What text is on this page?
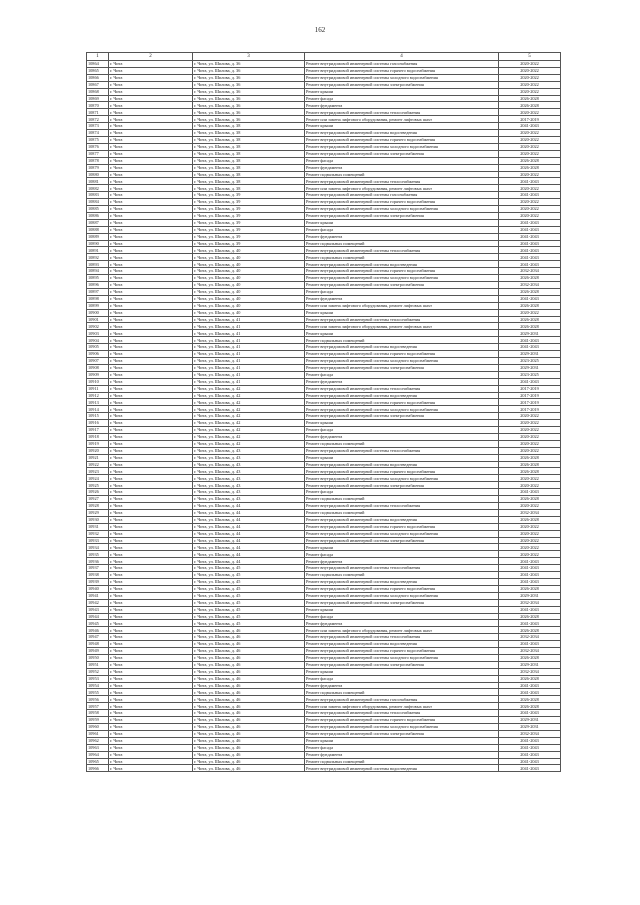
162
1	2	3	4	5
10864	г. Чита	г. Чита, ул. Шилова, д. 36	Ремонт внутридомовой инженерной системы газоснабжения	2020-2022
10865	г. Чита	г. Чита, ул. Шилова, д. 36	Ремонт внутридомовой инженерной системы горячего водоснабжения	2020-2022
10866	г. Чита	г. Чита, ул. Шилова, д. 36	Ремонт внутридомовой инженерной системы холодного водоснабжения	2020-2022
10867	г. Чита	г. Чита, ул. Шилова, д. 36	Ремонт внутридомовой инженерной системы электроснабжения	2020-2022
10868	г. Чита	г. Чита, ул. Шилова, д. 36	Ремонт крыши	2020-2022
10869	г. Чита	г. Чита, ул. Шилова, д. 36	Ремонт фасада	2026-2028
10870	г. Чита	г. Чита, ул. Шилова, д. 36	Ремонт фундамента	2026-2028
10871	г. Чита	г. Чита, ул. Шилова, д. 36	Ремонт внутридомовой инженерной системы теплоснабжения	2020-2022
10872	г. Чита	г. Чита, ул. Шилова, д. 36	Ремонт или замена лифтового оборудования, ремонт лифтовых шахт	2017-2019
10873	г. Чита	г. Чита, ул. Шилова, д. 38	Ремонт крыши	2041-2043
10874	г. Чита	г. Чита, ул. Шилова, д. 38	Ремонт внутридомовой инженерной системы водоотведения	2020-2022
10875	г. Чита	г. Чита, ул. Шилова, д. 38	Ремонт внутридомовой инженерной системы горячего водоснабжения	2020-2022
10876	г. Чита	г. Чита, ул. Шилова, д. 38	Ремонт внутридомовой инженерной системы холодного водоснабжения	2020-2022
10877	г. Чита	г. Чита, ул. Шилова, д. 38	Ремонт внутридомовой инженерной системы электроснабжения	2020-2022
10878	г. Чита	г. Чита, ул. Шилова, д. 38	Ремонт фасада	2026-2028
10879	г. Чита	г. Чита, ул. Шилова, д. 38	Ремонт фундамента	2026-2028
10880	г. Чита	г. Чита, ул. Шилова, д. 38	Ремонт подвальных помещений	2020-2022
10881	г. Чита	г. Чита, ул. Шилова, д. 38	Ремонт внутридомовой инженерной системы теплоснабжения	2041-2043
10882	г. Чита	г. Чита, ул. Шилова, д. 38	Ремонт или замена лифтового оборудования, ремонт лифтовых шахт	2020-2022
10883	г. Чита	г. Чита, ул. Шилова, д. 39	Ремонт внутридомовой инженерной системы газоснабжения	2041-2043
10884	г. Чита	г. Чита, ул. Шилова, д. 39	Ремонт внутридомовой инженерной системы горячего водоснабжения	2020-2022
10885	г. Чита	г. Чита, ул. Шилова, д. 39	Ремонт внутридомовой инженерной системы холодного водоснабжения	2020-2022
10886	г. Чита	г. Чита, ул. Шилова, д. 39	Ремонт внутридомовой инженерной системы электроснабжения	2020-2022
10887	г. Чита	г. Чита, ул. Шилова, д. 39	Ремонт крыши	2041-2043
10888	г. Чита	г. Чита, ул. Шилова, д. 39	Ремонт фасада	2041-2043
10889	г. Чита	г. Чита, ул. Шилова, д. 39	Ремонт фундамента	2041-2043
10890	г. Чита	г. Чита, ул. Шилова, д. 39	Ремонт подвальных помещений	2041-2043
10891	г. Чита	г. Чита, ул. Шилова, д. 40	Ремонт внутридомовой инженерной системы теплоснабжения	2041-2043
10892	г. Чита	г. Чита, ул. Шилова, д. 40	Ремонт подвальных помещений	2041-2043
10893	г. Чита	г. Чита, ул. Шилова, д. 40	Ремонт внутридомовой инженерной системы водоотведения	2041-2043
10894	г. Чита	г. Чита, ул. Шилова, д. 40	Ремонт внутридомовой инженерной системы горячего водоснабжения	2032-2034
10895	г. Чита	г. Чита, ул. Шилова, д. 40	Ремонт внутридомовой инженерной системы холодного водоснабжения	2026-2028
10896	г. Чита	г. Чита, ул. Шилова, д. 40	Ремонт внутридомовой инженерной системы электроснабжения	2032-2034
10897	г. Чита	г. Чита, ул. Шилова, д. 40	Ремонт фасада	2026-2028
10898	г. Чита	г. Чита, ул. Шилова, д. 40	Ремонт фундамента	2041-2043
10899	г. Чита	г. Чита, ул. Шилова, д. 40	Ремонт или замена лифтового оборудования, ремонт лифтовых шахт	2026-2028
10900	г. Чита	г. Чита, ул. Шилова, д. 40	Ремонт крыши	2020-2022
10901	г. Чита	г. Чита, ул. Шилова, д. 41	Ремонт внутридомовой инженерной системы теплоснабжения	2026-2028
10902	г. Чита	г. Чита, ул. Шилова, д. 41	Ремонт или замена лифтового оборудования, ремонт лифтовых шахт	2026-2028
10903	г. Чита	г. Чита, ул. Шилова, д. 41	Ремонт крыши	2029-2031
10904	г. Чита	г. Чита, ул. Шилова, д. 41	Ремонт подвальных помещений	2041-2043
10905	г. Чита	г. Чита, ул. Шилова, д. 41	Ремонт внутридомовой инженерной системы водоотведения	2041-2043
10906	г. Чита	г. Чита, ул. Шилова, д. 41	Ремонт внутридомовой инженерной системы горячего водоснабжения	2029-2031
10907	г. Чита	г. Чита, ул. Шилова, д. 41	Ремонт внутридомовой инженерной системы холодного водоснабжения	2023-2025
10908	г. Чита	г. Чита, ул. Шилова, д. 41	Ремонт внутридомовой инженерной системы электроснабжения	2029-2031
10909	г. Чита	г. Чита, ул. Шилова, д. 41	Ремонт фасада	2023-2025
10910	г. Чита	г. Чита, ул. Шилова, д. 41	Ремонт фундамента	2041-2043
10911	г. Чита	г. Чита, ул. Шилова, д. 42	Ремонт внутридомовой инженерной системы теплоснабжения	2017-2019
10912	г. Чита	г. Чита, ул. Шилова, д. 42	Ремонт внутридомовой инженерной системы водоотведения	2017-2019
10913	г. Чита	г. Чита, ул. Шилова, д. 42	Ремонт внутридомовой инженерной системы горячего водоснабжения	2017-2019
10914	г. Чита	г. Чита, ул. Шилова, д. 42	Ремонт внутридомовой инженерной системы холодного водоснабжения	2017-2019
10915	г. Чита	г. Чита, ул. Шилова, д. 42	Ремонт внутридомовой инженерной системы электроснабжения	2020-2022
10916	г. Чита	г. Чита, ул. Шилова, д. 42	Ремонт крыши	2020-2022
10917	г. Чита	г. Чита, ул. Шилова, д. 42	Ремонт фасада	2020-2022
10918	г. Чита	г. Чита, ул. Шилова, д. 42	Ремонт фундамента	2020-2022
10919	г. Чита	г. Чита, ул. Шилова, д. 42	Ремонт подвальных помещений	2020-2022
10920	г. Чита	г. Чита, ул. Шилова, д. 43	Ремонт внутридомовой инженерной системы теплоснабжения	2020-2022
10921	г. Чита	г. Чита, ул. Шилова, д. 43	Ремонт крыши	2026-2028
10922	г. Чита	г. Чита, ул. Шилова, д. 43	Ремонт внутридомовой инженерной системы водоотведения	2026-2028
10923	г. Чита	г. Чита, ул. Шилова, д. 43	Ремонт внутридомовой инженерной системы горячего водоснабжения	2026-2028
10924	г. Чита	г. Чита, ул. Шилова, д. 43	Ремонт внутридомовой инженерной системы холодного водоснабжения	2020-2022
10925	г. Чита	г. Чита, ул. Шилова, д. 43	Ремонт внутридомовой инженерной системы электроснабжения	2020-2022
10926	г. Чита	г. Чита, ул. Шилова, д. 43	Ремонт фасада	2041-2043
10927	г. Чита	г. Чита, ул. Шилова, д. 43	Ремонт подвальных помещений	2026-2028
10928	г. Чита	г. Чита, ул. Шилова, д. 44	Ремонт внутридомовой инженерной системы теплоснабжения	2020-2022
10929	г. Чита	г. Чита, ул. Шилова, д. 44	Ремонт подвальных помещений	2032-2034
10930	г. Чита	г. Чита, ул. Шилова, д. 44	Ремонт внутридомовой инженерной системы водоотведения	2026-2028
10931	г. Чита	г. Чита, ул. Шилова, д. 44	Ремонт внутридомовой инженерной системы горячего водоснабжения	2020-2022
10932	г. Чита	г. Чита, ул. Шилова, д. 44	Ремонт внутридомовой инженерной системы холодного водоснабжения	2020-2022
10933	г. Чита	г. Чита, ул. Шилова, д. 44	Ремонт внутридомовой инженерной системы электроснабжения	2020-2022
10934	г. Чита	г. Чита, ул. Шилова, д. 44	Ремонт крыши	2020-2022
10935	г. Чита	г. Чита, ул. Шилова, д. 44	Ремонт фасада	2020-2022
10936	г. Чита	г. Чита, ул. Шилова, д. 44	Ремонт фундамента	2041-2043
10937	г. Чита	г. Чита, ул. Шилова, д. 45	Ремонт внутридомовой инженерной системы теплоснабжения	2041-2043
10938	г. Чита	г. Чита, ул. Шилова, д. 45	Ремонт подвальных помещений	2041-2043
10939	г. Чита	г. Чита, ул. Шилова, д. 45	Ремонт внутридомовой инженерной системы водоотведения	2041-2043
10940	г. Чита	г. Чита, ул. Шилова, д. 45	Ремонт внутридомовой инженерной системы горячего водоснабжения	2026-2028
10941	г. Чита	г. Чита, ул. Шилова, д. 45	Ремонт внутридомовой инженерной системы холодного водоснабжения	2029-2031
10942	г. Чита	г. Чита, ул. Шилова, д. 45	Ремонт внутридомовой инженерной системы электроснабжения	2032-2034
10943	г. Чита	г. Чита, ул. Шилова, д. 45	Ремонт крыши	2041-2043
10944	г. Чита	г. Чита, ул. Шилова, д. 45	Ремонт фасада	2026-2028
10945	г. Чита	г. Чита, ул. Шилова, д. 45	Ремонт фундамента	2041-2043
10946	г. Чита	г. Чита, ул. Шилова, д. 46	Ремонт или замена лифтового оборудования, ремонт лифтовых шахт	2026-2028
10947	г. Чита	г. Чита, ул. Шилова, д. 46	Ремонт внутридомовой инженерной системы теплоснабжения	2032-2034
10948	г. Чита	г. Чита, ул. Шилова, д. 46	Ремонт внутридомовой инженерной системы водоотведения	2041-2043
10949	г. Чита	г. Чита, ул. Шилова, д. 46	Ремонт внутридомовой инженерной системы горячего водоснабжения	2032-2034
10950	г. Чита	г. Чита, ул. Шилова, д. 46	Ремонт внутридомовой инженерной системы холодного водоснабжения	2026-2028
10951	г. Чита	г. Чита, ул. Шилова, д. 46	Ремонт внутридомовой инженерной системы электроснабжения	2029-2031
10952	г. Чита	г. Чита, ул. Шилова, д. 46	Ремонт крыши	2032-2034
10953	г. Чита	г. Чита, ул. Шилова, д. 46	Ремонт фасада	2026-2028
10954	г. Чита	г. Чита, ул. Шилова, д. 46	Ремонт фундамента	2041-2043
10955	г. Чита	г. Чита, ул. Шилова, д. 46	Ремонт подвальных помещений	2041-2043
10956	г. Чита	г. Чита, ул. Шилова, д. 46	Ремонт внутридомовой инженерной системы газоснабжения	2026-2028
10957	г. Чита	г. Чита, ул. Шилова, д. 46	Ремонт или замена лифтового оборудования, ремонт лифтовых шахт	2026-2028
10958	г. Чита	г. Чита, ул. Шилова, д. 46	Ремонт внутридомовой инженерной системы теплоснабжения	2041-2043
10959	г. Чита	г. Чита, ул. Шилова, д. 46	Ремонт внутридомовой инженерной системы горячего водоснабжения	2029-2031
10960	г. Чита	г. Чита, ул. Шилова, д. 46	Ремонт внутридомовой инженерной системы холодного водоснабжения	2029-2031
10961	г. Чита	г. Чита, ул. Шилова, д. 46	Ремонт внутридомовой инженерной системы электроснабжения	2032-2034
10962	г. Чита	г. Чита, ул. Шилова, д. 46	Ремонт крыши	2041-2043
10963	г. Чита	г. Чита, ул. Шилова, д. 46	Ремонт фасада	2041-2043
10964	г. Чита	г. Чита, ул. Шилова, д. 46	Ремонт фундамента	2041-2043
10965	г. Чита	г. Чита, ул. Шилова, д. 46	Ремонт подвальных помещений	2041-2043
10966	г. Чита	г. Чита, ул. Шилова, д. 46	Ремонт внутридомовой инженерной системы водоотведения	2041-2043
